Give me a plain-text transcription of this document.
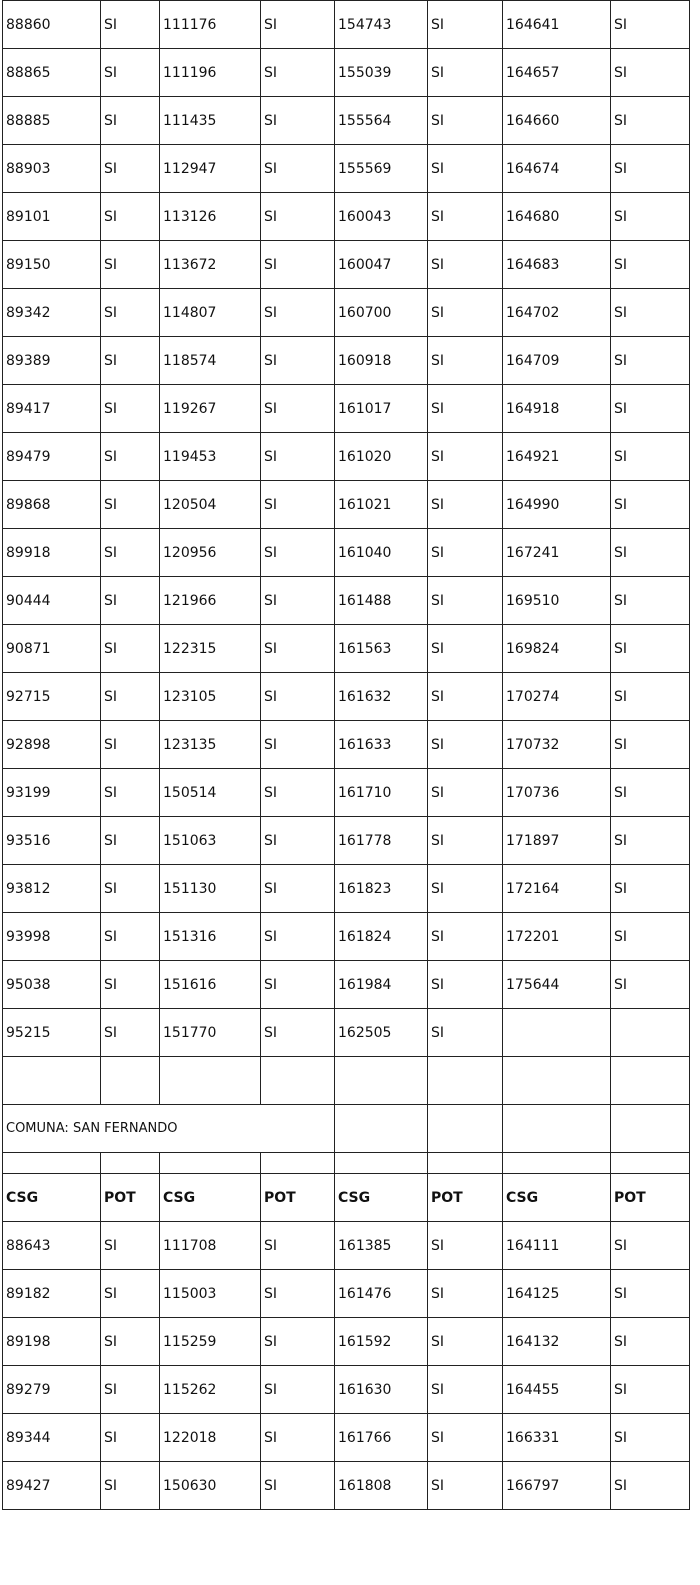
88860	SI	111176	SI	154743	SI	164641	SI
88865	SI	111196	SI	155039	SI	164657	SI
88885	SI	111435	SI	155564	SI	164660	SI
88903	SI	112947	SI	155569	SI	164674	SI
89101	SI	113126	SI	160043	SI	164680	SI
89150	SI	113672	SI	160047	SI	164683	SI
89342	SI	114807	SI	160700	SI	164702	SI
89389	SI	118574	SI	160918	SI	164709	SI
89417	SI	119267	SI	161017	SI	164918	SI
89479	SI	119453	SI	161020	SI	164921	SI
89868	SI	120504	SI	161021	SI	164990	SI
89918	SI	120956	SI	161040	SI	167241	SI
90444	SI	121966	SI	161488	SI	169510	SI
90871	SI	122315	SI	161563	SI	169824	SI
92715	SI	123105	SI	161632	SI	170274	SI
92898	SI	123135	SI	161633	SI	170732	SI
93199	SI	150514	SI	161710	SI	170736	SI
93516	SI	151063	SI	161778	SI	171897	SI
93812	SI	151130	SI	161823	SI	172164	SI
93998	SI	151316	SI	161824	SI	172201	SI
95038	SI	151616	SI	161984	SI	175644	SI
95215	SI	151770	SI	162505	SI		

COMUNA: SAN FERNANDO							

CSG	POT	CSG	POT	CSG	POT	CSG	POT
88643	SI	111708	SI	161385	SI	164111	SI
89182	SI	115003	SI	161476	SI	164125	SI
89198	SI	115259	SI	161592	SI	164132	SI
89279	SI	115262	SI	161630	SI	164455	SI
89344	SI	122018	SI	161766	SI	166331	SI
89427	SI	150630	SI	161808	SI	166797	SI
